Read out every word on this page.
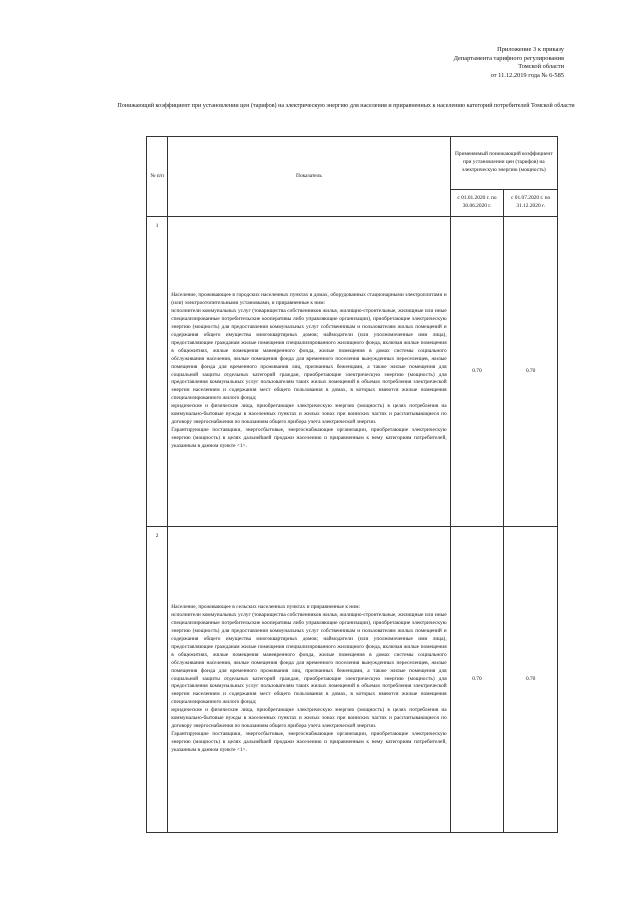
Приложение 3 к приказу
Департамента тарифного регулирования
Томской области
от 11.12.2019 года № 6-585
Понижающий коэффициент при установлении цен (тарифов) на электрическую энергию для населения и приравненных к населению категорий потребителей Томской области
№ п/п	Показатель	Применяемый понижающий коэффициент при установлении цен (тарифов) на электрическую энергию (мощность)	
		с 01.01.2020 г. по 30.06.2020 г.	с 01.07.2020 г. по 31.12.2020 г.
1	Население, проживающее в городских населенных пунктах в домах, оборудованных стационарными электроплитами и (или) электроотопительными установками, и приравненные к ним:

исполнители коммунальных услуг (товарищества собственников жилья, жилищно-строительные, жилищные или иные специализированные потребительские кооперативы либо управляющие организации), приобретающие электрическую энергию (мощность) для предоставления коммунальных услуг собственникам и пользователям жилых помещений и содержания общего имущества многоквартирных домов; наймодатели (или уполномоченные ими лица), предоставляющие гражданам жилые помещения специализированного жилищного фонда, включая жилые помещения в общежитиях, жилые помещения маневренного фонда, жилые помещения в домах системы социального обслуживания населения, жилые помещения фонда для временного поселения вынужденных переселенцев, жилые помещения фонда для временного проживания лиц, признанных беженцами, а также жилые помещения для социальной защиты отдельных категорий граждан, приобретающие электрическую энергию (мощность) для предоставления коммунальных услуг пользователям таких жилых помещений в объемах потребления электрической энергии населением и содержания мест общего пользования в домах, в которых имеются жилые помещения специализированного жилого фонда;

юридические и физические лица, приобретающие электрическую энергию (мощность) в целях потребления на коммунально-бытовые нужды в населенных пунктах и жилых зонах при воинских частях и рассчитывающиеся по договору энергоснабжения по показаниям общего прибора учета электрической энергии.

Гарантирующие поставщики, энергосбытовые, энергоснабжающие организации, приобретающие электрическую энергию (мощность) в целях дальнейшей продажи населению и приравненным к нему категориям потребителей, указанным в данном пункте <1>.	0.70	0.70
2	Население, проживающее в сельских населенных пунктах и приравненные к ним:

исполнители коммунальных услуг (товарищества собственников жилья, жилищно-строительные, жилищные или иные специализированные потребительские кооперативы либо управляющие организации), приобретающие электрическую энергию (мощность) для предоставления коммунальных услуг собственникам и пользователям жилых помещений и содержания общего имущества многоквартирных домов; наймодатели (или уполномоченные ими лица), предоставляющие гражданам жилые помещения специализированного жилищного фонда, включая жилые помещения в общежитиях, жилые помещения маневренного фонда, жилые помещения в домах системы социального обслуживания населения, жилые помещения фонда для временного поселения вынужденных переселенцев, жилые помещения фонда для временного проживания лиц, признанных беженцами, а также жилые помещения для социальной защиты отдельных категорий граждан, приобретающие электрическую энергию (мощность) для предоставления коммунальных услуг пользователям таких жилых помещений в объемах потребления электрической энергии населением и содержания мест общего пользования в домах, в которых имеются жилые помещения специализированного жилого фонда;

юридические и физические лица, приобретающие электрическую энергию (мощность) в целях потребления на коммунально-бытовые нужды в населенных пунктах и жилых зонах при воинских частях и рассчитывающиеся по договору энергоснабжения по показаниям общего прибора учета электрической энергии.

Гарантирующие поставщики, энергосбытовые, энергоснабжающие организации, приобретающие электрическую энергию (мощность) в целях дальнейшей продажи населению и приравненным к нему категориям потребителей, указанным в данном пункте <1>.	0.70	0.70
